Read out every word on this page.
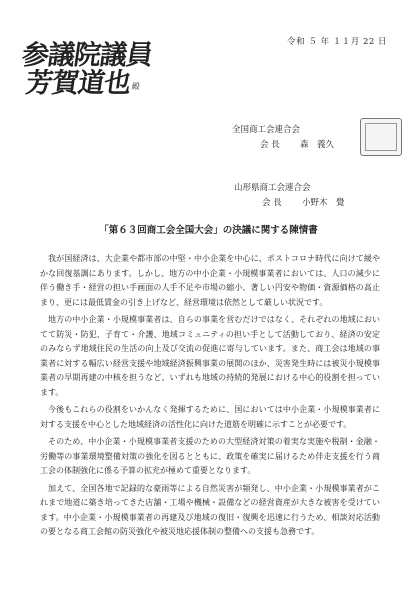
令和 ５ 年 １１月 22 日
参議院議員
芳賀道也殿
全国商工会連合会
会 長 森　義久
山形県商工会連合会
会 長 小野木　覺
「第６３回商工会全国大会」の決議に関する陳情書

我が国経済は、大企業や都市部の中堅・中小企業を中心に、ポストコロナ時代に向けて緩やかな回復基調にあります。しかし、地方の中小企業・小規模事業者においては、人口の減少に伴う働き手・経営の担い手画面の人手不足や市場の縮小、著しい円安や物価・資源価格の高止まり、更には最低賃金の引き上げなど、経営環境は依然として厳しい状況です。

地方の中小企業・小規模事業者は、自らの事業を営むだけではなく、それぞれの地域においてて防災・防犯、子育て・介護、地域コミュニティの担い手として活動しており、経済の安定のみならず地域住民の生活の向上及び交流の促進に寄与しています。また、商工会は地域の事業者に対する幅広い経営支援や地域経済振興事業の展開のほか、災害発生時には被災小規模事業者の早期再建の中核を担うなど、いずれも地域の持続的発展における中心的役割を担っています。

今後もこれらの役割をいかんなく発揮するために、国においては中小企業・小規模事業者に対する支援を中心とした地域経済の活性化に向けた道筋を明確に示すことが必要です。

そのため、中小企業・小規模事業者支援のための大型経済対策の着実な実施や税制・金融・労働等の事業環境整備対策の強化を図るとともに、政策を確実に届けるため伴走支援を行う商工会の体制強化に係る予算の拡充が極めて重要となります。

加えて、全国各地で記録的な豪雨等による自然災害が頻発し、中小企業・小規模事業者がこれまで地道に築き培ってきた店舗・工場や機械・設備などの経営資産が大きな被害を受けています。中小企業・小規模事業者の再建及び地域の復旧・復興を迅速に行うため、相談対応活動の要となる商工会館の防災強化や被災地応援体制の整備への支援も急務です。
